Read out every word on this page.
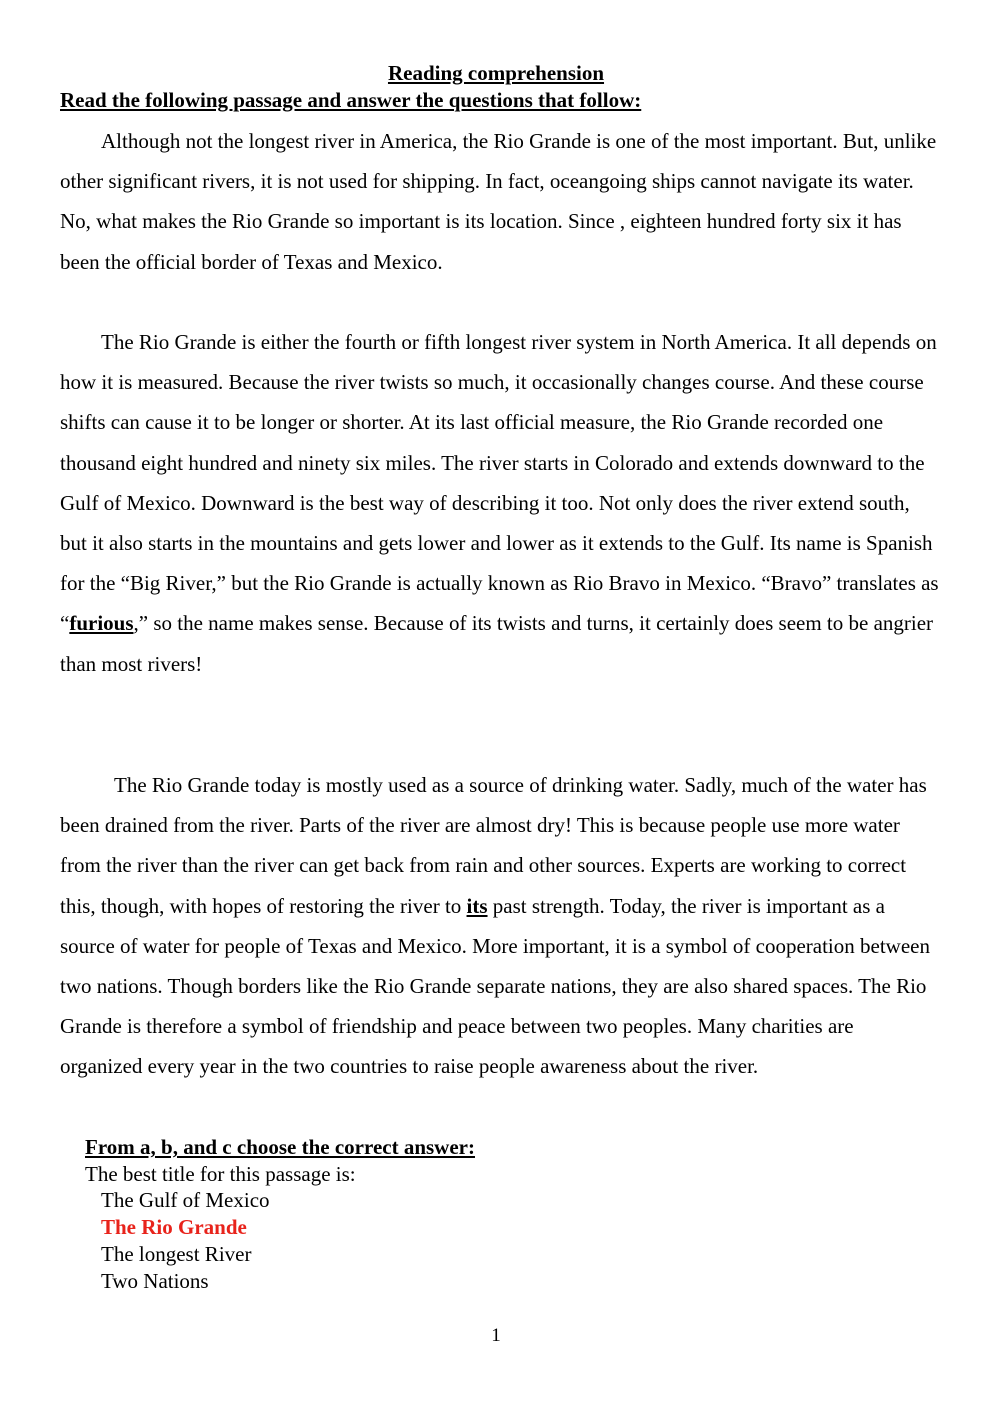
Reading comprehension
Read the following passage and answer the questions that follow:

Although not the longest river in America, the Rio Grande is one of the most important. But, unlike other significant rivers, it is not used for shipping. In fact, oceangoing ships cannot navigate its water. No, what makes the Rio Grande so important is its location. Since , eighteen hundred forty six it has been the official border of Texas and Mexico.

The Rio Grande is either the fourth or fifth longest river system in North America. It all depends on how it is measured. Because the river twists so much, it occasionally changes course. And these course shifts can cause it to be longer or shorter. At its last official measure, the Rio Grande recorded one thousand eight hundred and ninety six miles. The river starts in Colorado and extends downward to the Gulf of Mexico. Downward is the best way of describing it too. Not only does the river extend south, but it also starts in the mountains and gets lower and lower as it extends to the Gulf. Its name is Spanish for the “Big River,” but the Rio Grande is actually known as Rio Bravo in Mexico. “Bravo” translates as “furious,” so the name makes sense. Because of its twists and turns, it certainly does seem to be angrier than most rivers!

The Rio Grande today is mostly used as a source of drinking water. Sadly, much of the water has been drained from the river. Parts of the river are almost dry! This is because people use more water from the river than the river can get back from rain and other sources. Experts are working to correct this, though, with hopes of restoring the river to its past strength. Today, the river is important as a source of water for people of Texas and Mexico. More important, it is a symbol of cooperation between two nations. Though borders like the Rio Grande separate nations, they are also shared spaces. The Rio Grande is therefore a symbol of friendship and peace between two peoples. Many charities are organized every year in the two countries to raise people awareness about the river.

From a, b, and c choose the correct answer:
The best title for this passage is:
The Gulf of Mexico
The Rio Grande
The longest River
Two Nations
1
